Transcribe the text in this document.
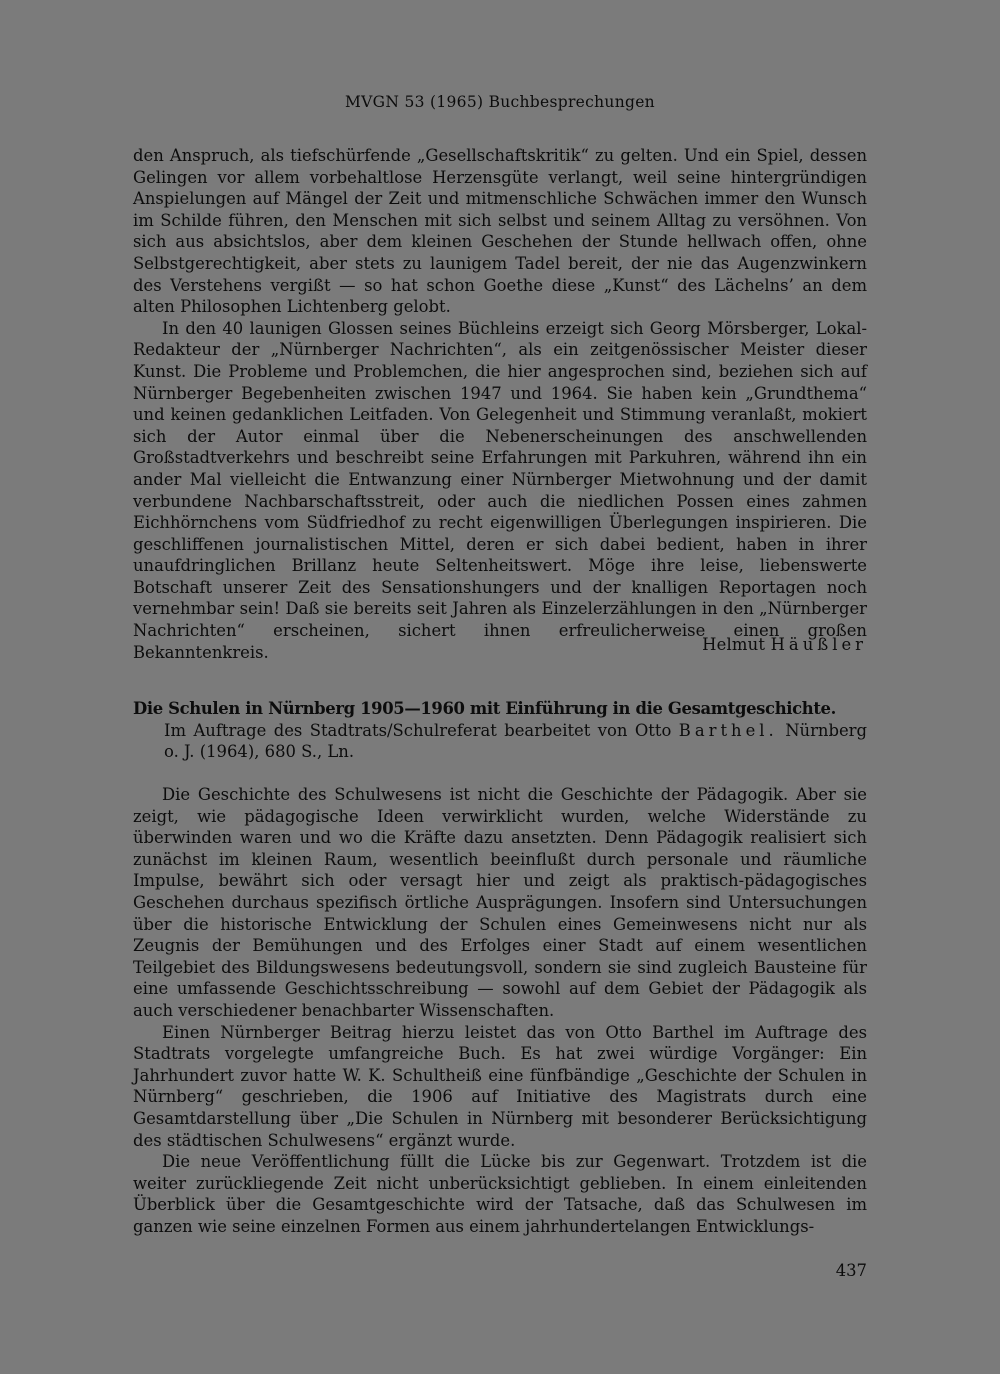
MVGN 53 (1965) Buchbesprechungen

den Anspruch, als tiefschürfende „Gesellschaftskritik“ zu gelten. Und ein Spiel, dessen Gelingen vor allem vorbehaltlose Herzensgüte verlangt, weil seine hintergründigen Anspielungen auf Mängel der Zeit und mitmenschliche Schwächen immer den Wunsch im Schilde führen, den Menschen mit sich selbst und seinem Alltag zu versöhnen. Von sich aus absichtslos, aber dem kleinen Geschehen der Stunde hellwach offen, ohne Selbstgerechtigkeit, aber stets zu launigem Tadel bereit, der nie das Augenzwinkern des Verstehens vergißt — so hat schon Goethe diese „Kunst“ des Lächelns’ an dem alten Philosophen Lichtenberg gelobt.

In den 40 launigen Glossen seines Büchleins erzeigt sich Georg Mörsberger, Lokal-Redakteur der „Nürnberger Nachrichten“, als ein zeitgenössischer Meister dieser Kunst. Die Probleme und Problemchen, die hier angesprochen sind, beziehen sich auf Nürnberger Begebenheiten zwischen 1947 und 1964. Sie haben kein „Grundthema“ und keinen gedanklichen Leitfaden. Von Gelegenheit und Stimmung veranlaßt, mokiert sich der Autor einmal über die Nebenerscheinungen des anschwellenden Großstadtverkehrs und beschreibt seine Erfahrungen mit Parkuhren, während ihn ein ander Mal vielleicht die Entwanzung einer Nürnberger Mietwohnung und der damit verbundene Nachbarschaftsstreit, oder auch die niedlichen Possen eines zahmen Eichhörnchens vom Südfriedhof zu recht eigenwilligen Überlegungen inspirieren. Die geschliffenen journalistischen Mittel, deren er sich dabei bedient, haben in ihrer unaufdringlichen Brillanz heute Seltenheitswert. Möge ihre leise, liebenswerte Botschaft unserer Zeit des Sensationshungers und der knalligen Reportagen noch vernehmbar sein! Daß sie bereits seit Jahren als Einzelerzählungen in den „Nürnberger Nachrichten“ erscheinen, sichert ihnen erfreulicherweise einen großen Bekanntenkreis.	Helmut Häußler
Die Schulen in Nürnberg 1905—1960 mit Einführung in die Gesamtgeschichte.
Im Auftrage des Stadtrats/Schulreferat bearbeitet von Otto Barthel. Nürnberg o. J. (1964), 680 S., Ln.

Die Geschichte des Schulwesens ist nicht die Geschichte der Pädagogik. Aber sie zeigt, wie pädagogische Ideen verwirklicht wurden, welche Widerstände zu überwinden waren und wo die Kräfte dazu ansetzten. Denn Pädagogik realisiert sich zunächst im kleinen Raum, wesentlich beeinflußt durch personale und räumliche Impulse, bewährt sich oder versagt hier und zeigt als praktisch-pädagogisches Geschehen durchaus spezifisch örtliche Ausprägungen. Insofern sind Untersuchungen über die historische Entwicklung der Schulen eines Gemeinwesens nicht nur als Zeugnis der Bemühungen und des Erfolges einer Stadt auf einem wesentlichen Teilgebiet des Bildungswesens bedeutungsvoll, sondern sie sind zugleich Bausteine für eine umfassende Geschichtsschreibung — sowohl auf dem Gebiet der Pädagogik als auch verschiedener benachbarter Wissenschaften.

Einen Nürnberger Beitrag hierzu leistet das von Otto Barthel im Auftrage des Stadtrats vorgelegte umfangreiche Buch. Es hat zwei würdige Vorgänger: Ein Jahrhundert zuvor hatte W. K. Schultheiß eine fünfbändige „Geschichte der Schulen in Nürnberg“ geschrieben, die 1906 auf Initiative des Magistrats durch eine Gesamtdarstellung über „Die Schulen in Nürnberg mit besonderer Berücksichtigung des städtischen Schulwesens“ ergänzt wurde.

Die neue Veröffentlichung füllt die Lücke bis zur Gegenwart. Trotzdem ist die weiter zurückliegende Zeit nicht unberücksichtigt geblieben. In einem einleitenden Überblick über die Gesamtgeschichte wird der Tatsache, daß das Schulwesen im ganzen wie seine einzelnen Formen aus einem jahrhundertelangen Entwicklungs-

437
